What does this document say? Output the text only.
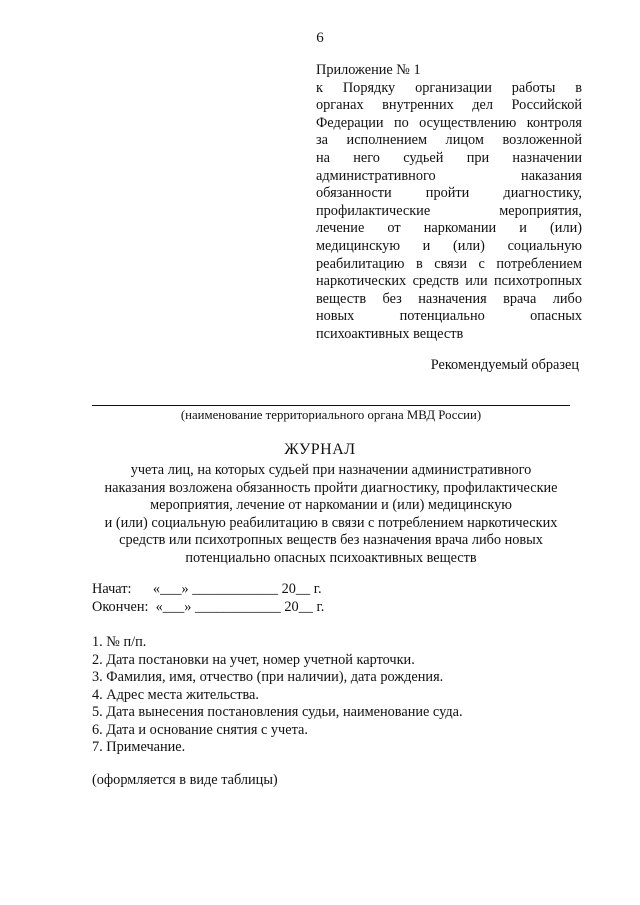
6
Приложение № 1
к Порядку организации работы в
органах внутренних дел Российской
Федерации по осуществлению контроля
за исполнением лицом возложенной
на него судьей при назначении
административного наказания
обязанности пройти диагностику,
профилактические мероприятия,
лечение от наркомании и (или)
медицинскую и (или) социальную
реабилитацию в связи с потреблением
наркотических средств или психотропных
веществ без назначения врача либо
новых потенциально опасных
психоактивных веществ
Рекомендуемый образец
(наименование территориального органа МВД России)
ЖУРНАЛ
учета лиц, на которых судьей при назначении административного
наказания возложена обязанность пройти диагностику, профилактические
мероприятия, лечение от наркомании и (или) медицинскую
и (или) социальную реабилитацию в связи с потреблением наркотических
средств или психотропных веществ без назначения врача либо новых
потенциально опасных психоактивных веществ
Начат:      «___» ____________ 20__ г.
Окончен:  «___» ____________ 20__ г.
1. № п/п.
2. Дата постановки на учет, номер учетной карточки.
3. Фамилия, имя, отчество (при наличии), дата рождения.
4. Адрес места жительства.
5. Дата вынесения постановления судьи, наименование суда.
6. Дата и основание снятия с учета.
7. Примечание.
(оформляется в виде таблицы)
